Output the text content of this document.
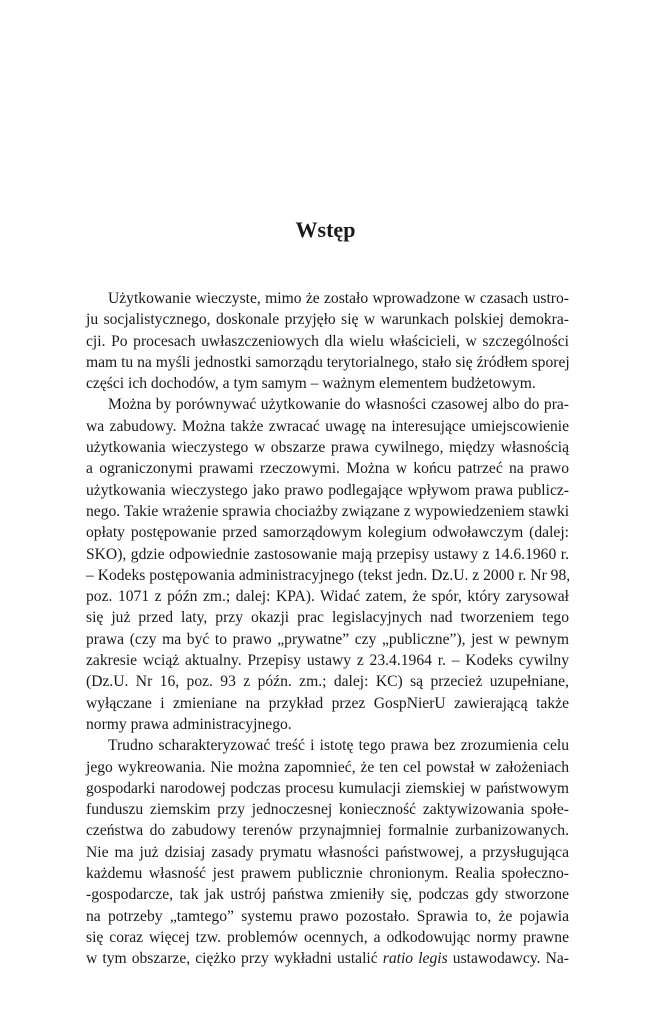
Wstęp

Użytkowanie wieczyste, mimo że zostało wprowadzone w czasach ustro-
ju socjalistycznego, doskonale przyjęło się w warunkach polskiej demokra-
cji. Po procesach uwłaszczeniowych dla wielu właścicieli, w szczególności
mam tu na myśli jednostki samorządu terytorialnego, stało się źródłem sporej
części ich dochodów, a tym samym – ważnym elementem budżetowym.

Można by porównywać użytkowanie do własności czasowej albo do pra-
wa zabudowy. Można także zwracać uwagę na interesujące umiejscowienie
użytkowania wieczystego w obszarze prawa cywilnego, między własnością
a ograniczonymi prawami rzeczowymi. Można w końcu patrzeć na prawo
użytkowania wieczystego jako prawo podlegające wpływom prawa publicz-
nego. Takie wrażenie sprawia chociażby związane z wypowiedzeniem stawki
opłaty postępowanie przed samorządowym kolegium odwoławczym (dalej:
SKO), gdzie odpowiednie zastosowanie mają przepisy ustawy z 14.6.1960 r.
– Kodeks postępowania administracyjnego (tekst jedn. Dz.U. z 2000 r. Nr 98,
poz. 1071 z późn zm.; dalej: KPA). Widać zatem, że spór, który zarysował
się już przed laty, przy okazji prac legislacyjnych nad tworzeniem tego
prawa (czy ma być to prawo „prywatne” czy „publiczne”), jest w pewnym
zakresie wciąż aktualny. Przepisy ustawy z 23.4.1964 r. – Kodeks cywilny
(Dz.U. Nr 16, poz. 93 z późn. zm.; dalej: KC) są przecież uzupełniane,
wyłączane i zmieniane na przykład przez GospNierU zawierającą także
normy prawa administracyjnego.

Trudno scharakteryzować treść i istotę tego prawa bez zrozumienia celu
jego wykreowania. Nie można zapomnieć, że ten cel powstał w założeniach
gospodarki narodowej podczas procesu kumulacji ziemskiej w państwowym
funduszu ziemskim przy jednoczesnej konieczność zaktywizowania społe-
czeństwa do zabudowy terenów przynajmniej formalnie zurbanizowanych.
Nie ma już dzisiaj zasady prymatu własności państwowej, a przysługująca
każdemu własność jest prawem publicznie chronionym. Realia społeczno-
-gospodarcze, tak jak ustrój państwa zmieniły się, podczas gdy stworzone
na potrzeby „tamtego” systemu prawo pozostało. Sprawia to, że pojawia
się coraz więcej tzw. problemów ocennych, a odkodowując normy prawne
w tym obszarze, ciężko przy wykładni ustalić ratio legis ustawodawcy. Na-
